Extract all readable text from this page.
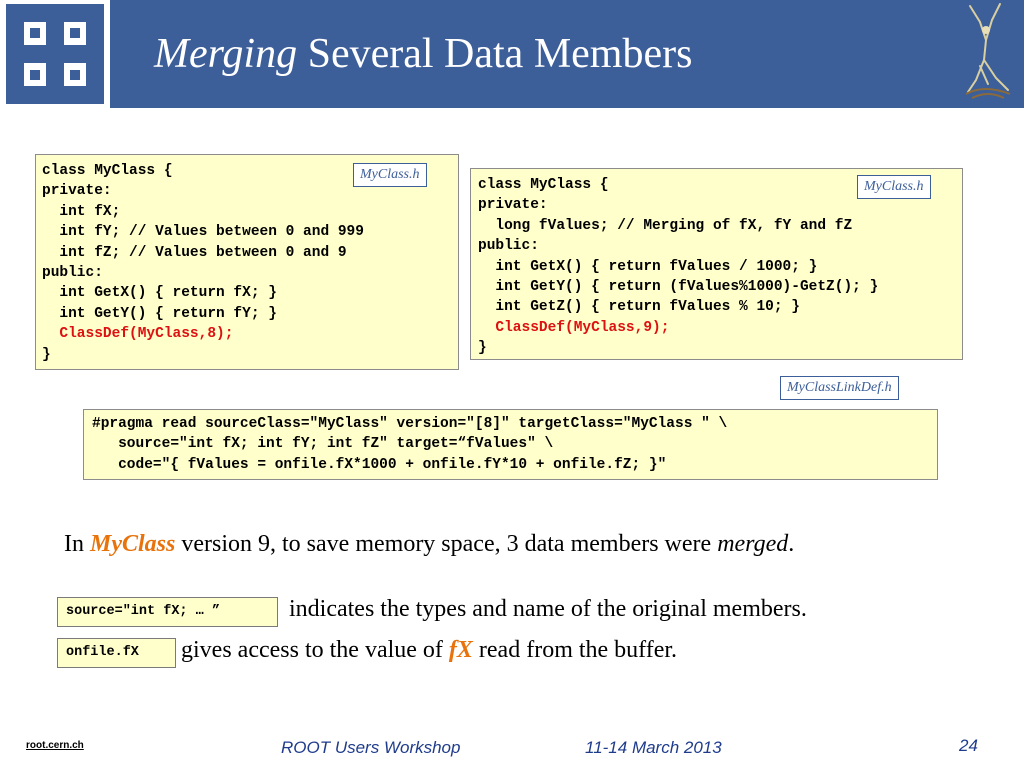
Merging Several Data Members
class MyClass {
private:
int fX;
int fY; // Values between 0 and 999
int fZ; // Values between 0 and 9
public:
int GetX() { return fX; }
int GetY() { return fY; }
ClassDef(MyClass,8);
}
MyClass.h
class MyClass {
private:
long fValues; // Merging of fX, fY and fZ
public:
int GetX() { return fValues / 1000; }
int GetY() { return (fValues%1000)-GetZ(); }
int GetZ() { return fValues % 10; }
ClassDef(MyClass,9);
}
MyClass.h
MyClassLinkDef.h
#pragma read sourceClass="MyClass" version="[8]" targetClass="MyClass " \
source="int fX; int fY; int fZ" target=“fValues" \
code="{ fValues = onfile.fX*1000 + onfile.fY*10 + onfile.fZ; }"
In MyClass version 9, to save memory space, 3 data members were merged.
source="int fX; … ”	indicates the types and name of the original members.
onfile.fX	gives access to the value of fX read from the buffer.
root.cern.ch	ROOT Users Workshop	11-14 March 2013	24
